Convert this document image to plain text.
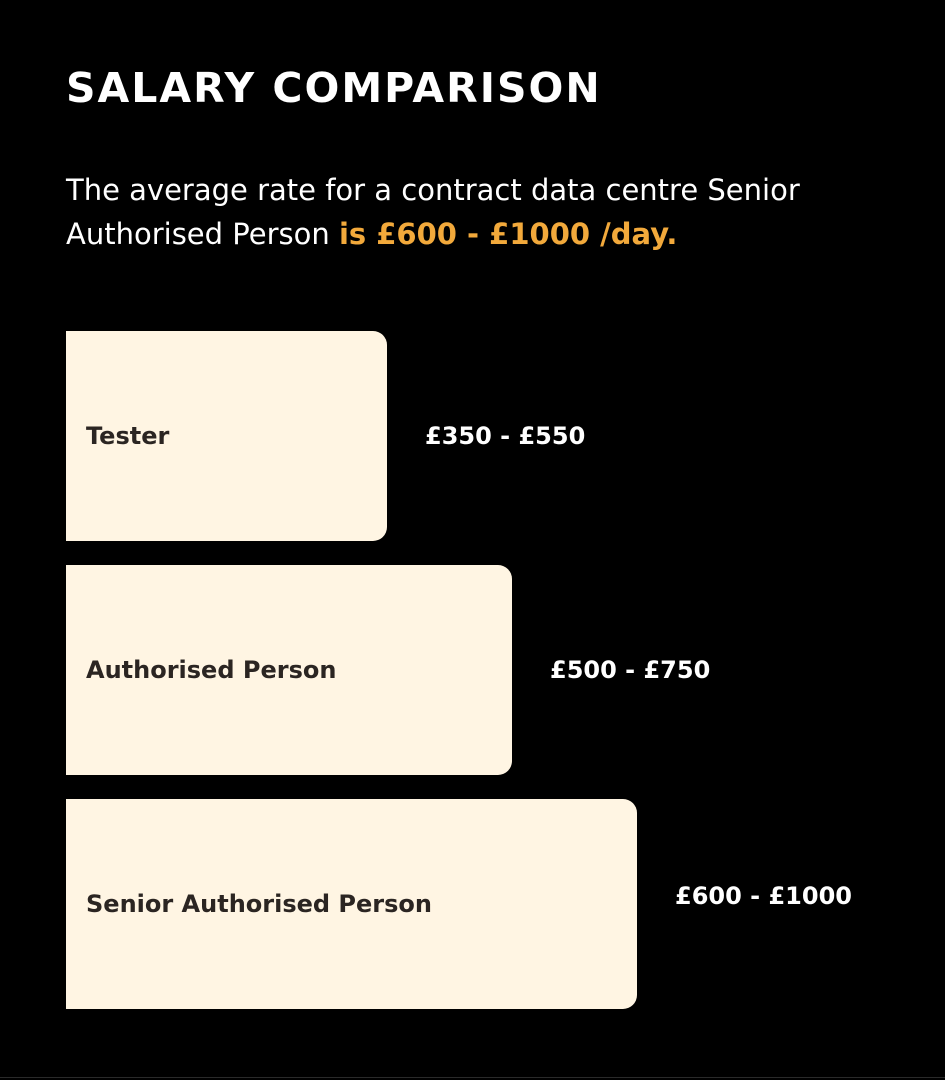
SALARY COMPARISON
The average rate for a contract data centre Senior Authorised Person is £600 - £1000 /day.
Tester	£350 - £550
Authorised Person	£500 - £750
Senior Authorised Person	£600 - £1000
